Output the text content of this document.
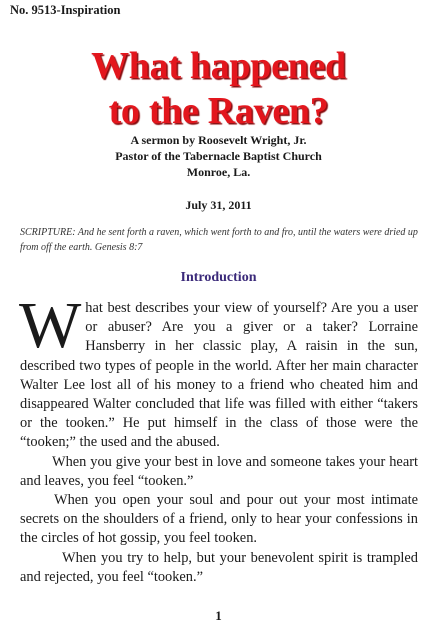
No. 9513-Inspiration
What happened
to the Raven?
A sermon by Roosevelt Wright, Jr.
Pastor of the Tabernacle Baptist Church
Monroe, La.
July 31, 2011
SCRIPTURE: And he sent forth a raven, which went forth to and fro, until the waters were dried up from off the earth. Genesis 8:7
Introduction

What best describes your view of yourself? Are you a user or abuser? Are you a giver or a taker? Lorraine Hansberry in her classic play, A raisin in the sun, described two types of people in the world. After her main character Walter Lee lost all of his money to a friend who cheated him and disappeared Walter concluded that life was filled with either “takers or the tooken.” He put himself in the class of those were the “tooken;” the used and the abused.

When you give your best in love and someone takes your heart and leaves, you feel “tooken.”

When you open your soul and pour out your most intimate secrets on the shoulders of a friend, only to hear your confessions in the circles of hot gossip, you feel tooken.

When you try to help, but your benevolent spirit is trampled and rejected, you feel “tooken.”

1
